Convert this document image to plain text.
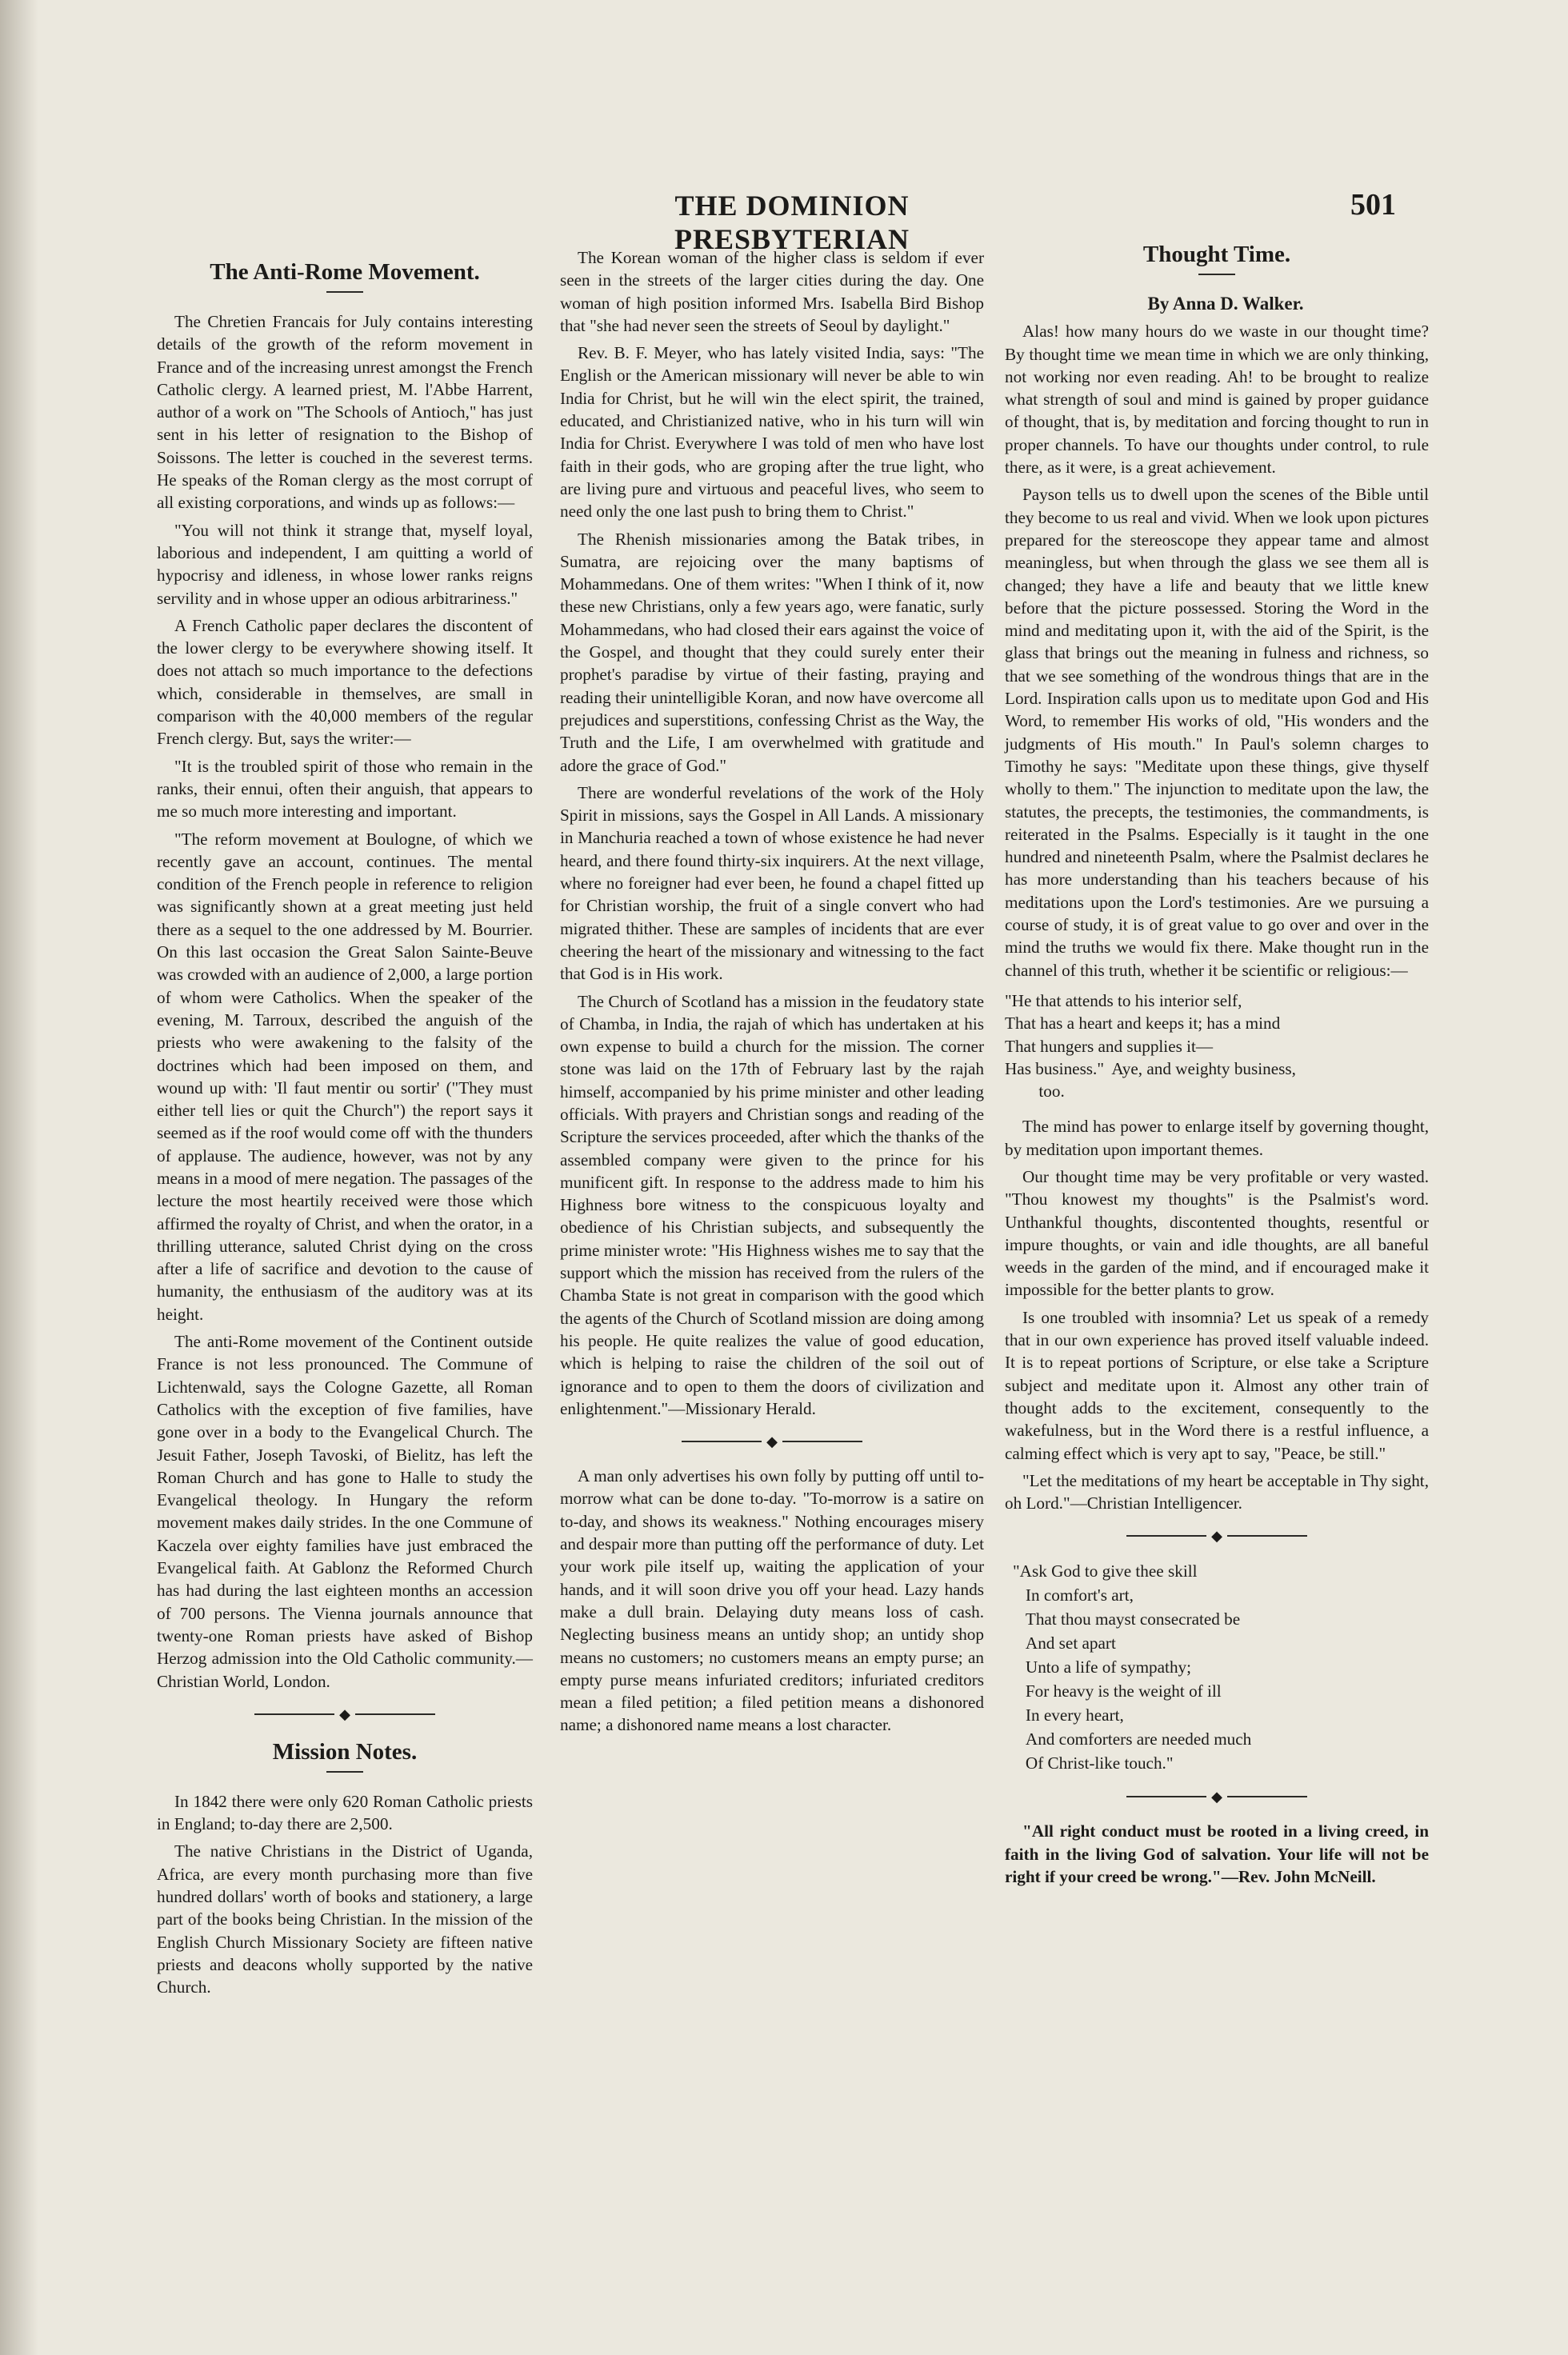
THE DOMINION PRESBYTERIAN
501
The Anti-Rome Movement.

The Chretien Francais for July contains interesting details of the growth of the reform movement in France and of the increasing unrest amongst the French Catholic clergy. A learned priest, M. l'Abbe Harrent, author of a work on "The Schools of Antioch," has just sent in his letter of resignation to the Bishop of Soissons. The letter is couched in the severest terms. He speaks of the Roman clergy as the most corrupt of all existing corporations, and winds up as follows:—

"You will not think it strange that, myself loyal, laborious and independent, I am quitting a world of hypocrisy and idleness, in whose lower ranks reigns servility and in whose upper an odious arbitrariness."

A French Catholic paper declares the discontent of the lower clergy to be everywhere showing itself. It does not attach so much importance to the defections which, considerable in themselves, are small in comparison with the 40,000 members of the regular French clergy. But, says the writer:—

"It is the troubled spirit of those who remain in the ranks, their ennui, often their anguish, that appears to me so much more interesting and important.

"The reform movement at Boulogne, of which we recently gave an account, continues. The mental condition of the French people in reference to religion was significantly shown at a great meeting just held there as a sequel to the one addressed by M. Bourrier. On this last occasion the Great Salon Sainte-Beuve was crowded with an audience of 2,000, a large portion of whom were Catholics. When the speaker of the evening, M. Tarroux, described the anguish of the priests who were awakening to the falsity of the doctrines which had been imposed on them, and wound up with: 'Il faut mentir ou sortir' ("They must either tell lies or quit the Church") the report says it seemed as if the roof would come off with the thunders of applause. The audience, however, was not by any means in a mood of mere negation. The passages of the lecture the most heartily received were those which affirmed the royalty of Christ, and when the orator, in a thrilling utterance, saluted Christ dying on the cross after a life of sacrifice and devotion to the cause of humanity, the enthusiasm of the auditory was at its height.

The anti-Rome movement of the Continent outside France is not less pronounced. The Commune of Lichtenwald, says the Cologne Gazette, all Roman Catholics with the exception of five families, have gone over in a body to the Evangelical Church. The Jesuit Father, Joseph Tavoski, of Bielitz, has left the Roman Church and has gone to Halle to study the Evangelical theology. In Hungary the reform movement makes daily strides. In the one Commune of Kaczela over eighty families have just embraced the Evangelical faith. At Gablonz the Reformed Church has had during the last eighteen months an accession of 700 persons. The Vienna journals announce that twenty-one Roman priests have asked of Bishop Herzog admission into the Old Catholic community.—Christian World, London.

◆
Mission Notes.

In 1842 there were only 620 Roman Catholic priests in England; to-day there are 2,500.

The native Christians in the District of Uganda, Africa, are every month purchasing more than five hundred dollars' worth of books and stationery, a large part of the books being Christian. In the mission of the English Church Missionary Society are fifteen native priests and deacons wholly supported by the native Church.

The Korean woman of the higher class is seldom if ever seen in the streets of the larger cities during the day. One woman of high position informed Mrs. Isabella Bird Bishop that "she had never seen the streets of Seoul by daylight."

Rev. B. F. Meyer, who has lately visited India, says: "The English or the American missionary will never be able to win India for Christ, but he will win the elect spirit, the trained, educated, and Christianized native, who in his turn will win India for Christ. Everywhere I was told of men who have lost faith in their gods, who are groping after the true light, who are living pure and virtuous and peaceful lives, who seem to need only the one last push to bring them to Christ."

The Rhenish missionaries among the Batak tribes, in Sumatra, are rejoicing over the many baptisms of Mohammedans. One of them writes: "When I think of it, now these new Christians, only a few years ago, were fanatic, surly Mohammedans, who had closed their ears against the voice of the Gospel, and thought that they could surely enter their prophet's paradise by virtue of their fasting, praying and reading their unintelligible Koran, and now have overcome all prejudices and superstitions, confessing Christ as the Way, the Truth and the Life, I am overwhelmed with gratitude and adore the grace of God."

There are wonderful revelations of the work of the Holy Spirit in missions, says the Gospel in All Lands. A missionary in Manchuria reached a town of whose existence he had never heard, and there found thirty-six inquirers. At the next village, where no foreigner had ever been, he found a chapel fitted up for Christian worship, the fruit of a single convert who had migrated thither. These are samples of incidents that are ever cheering the heart of the missionary and witnessing to the fact that God is in His work.

The Church of Scotland has a mission in the feudatory state of Chamba, in India, the rajah of which has undertaken at his own expense to build a church for the mission. The corner stone was laid on the 17th of February last by the rajah himself, accompanied by his prime minister and other leading officials. With prayers and Christian songs and reading of the Scripture the services proceeded, after which the thanks of the assembled company were given to the prince for his munificent gift. In response to the address made to him his Highness bore witness to the conspicuous loyalty and obedience of his Christian subjects, and subsequently the prime minister wrote: "His Highness wishes me to say that the support which the mission has received from the rulers of the Chamba State is not great in comparison with the good which the agents of the Church of Scotland mission are doing among his people. He quite realizes the value of good education, which is helping to raise the children of the soil out of ignorance and to open to them the doors of civilization and enlightenment."—Missionary Herald.

◆

A man only advertises his own folly by putting off until to-morrow what can be done to-day. "To-morrow is a satire on to-day, and shows its weakness." Nothing encourages misery and despair more than putting off the performance of duty. Let your work pile itself up, waiting the application of your hands, and it will soon drive you off your head. Lazy hands make a dull brain. Delaying duty means loss of cash. Neglecting business means an untidy shop; an untidy shop means no customers; no customers means an empty purse; an empty purse means infuriated creditors; infuriated creditors mean a filed petition; a filed petition means a dishonored name; a dishonored name means a lost character.

Thought Time.

By Anna D. Walker.

Alas! how many hours do we waste in our thought time? By thought time we mean time in which we are only thinking, not working nor even reading. Ah! to be brought to realize what strength of soul and mind is gained by proper guidance of thought, that is, by meditation and forcing thought to run in proper channels. To have our thoughts under control, to rule there, as it were, is a great achievement.

Payson tells us to dwell upon the scenes of the Bible until they become to us real and vivid. When we look upon pictures prepared for the stereoscope they appear tame and almost meaningless, but when through the glass we see them all is changed; they have a life and beauty that we little knew before that the picture possessed. Storing the Word in the mind and meditating upon it, with the aid of the Spirit, is the glass that brings out the meaning in fulness and richness, so that we see something of the wondrous things that are in the Lord. Inspiration calls upon us to meditate upon God and His Word, to remember His works of old, "His wonders and the judgments of His mouth." In Paul's solemn charges to Timothy he says: "Meditate upon these things, give thyself wholly to them." The injunction to meditate upon the law, the statutes, the precepts, the testimonies, the commandments, is reiterated in the Psalms. Especially is it taught in the one hundred and nineteenth Psalm, where the Psalmist declares he has more understanding than his teachers because of his meditations upon the Lord's testimonies. Are we pursuing a course of study, it is of great value to go over and over in the mind the truths we would fix there. Make thought run in the channel of this truth, whether it be scientific or religious:—

"He that attends to his interior self,
That has a heart and keeps it; has a mind
That hungers and supplies it—
Has business."  Aye, and weighty business,
too.

The mind has power to enlarge itself by governing thought, by meditation upon important themes.

Our thought time may be very profitable or very wasted. "Thou knowest my thoughts" is the Psalmist's word. Unthankful thoughts, discontented thoughts, resentful or impure thoughts, or vain and idle thoughts, are all baneful weeds in the garden of the mind, and if encouraged make it impossible for the better plants to grow.

Is one troubled with insomnia? Let us speak of a remedy that in our own experience has proved itself valuable indeed. It is to repeat portions of Scripture, or else take a Scripture subject and meditate upon it. Almost any other train of thought adds to the excitement, consequently to the wakefulness, but in the Word there is a restful influence, a calming effect which is very apt to say, "Peace, be still."

"Let the meditations of my heart be acceptable in Thy sight, oh Lord."—Christian Intelligencer.

◆
"Ask God to give thee skill
In comfort's art,
That thou mayst consecrated be
And set apart
Unto a life of sympathy;
For heavy is the weight of ill
In every heart,
And comforters are needed much
Of Christ-like touch."
◆

"All right conduct must be rooted in a living creed, in faith in the living God of salvation. Your life will not be right if your creed be wrong."—Rev. John McNeill.
